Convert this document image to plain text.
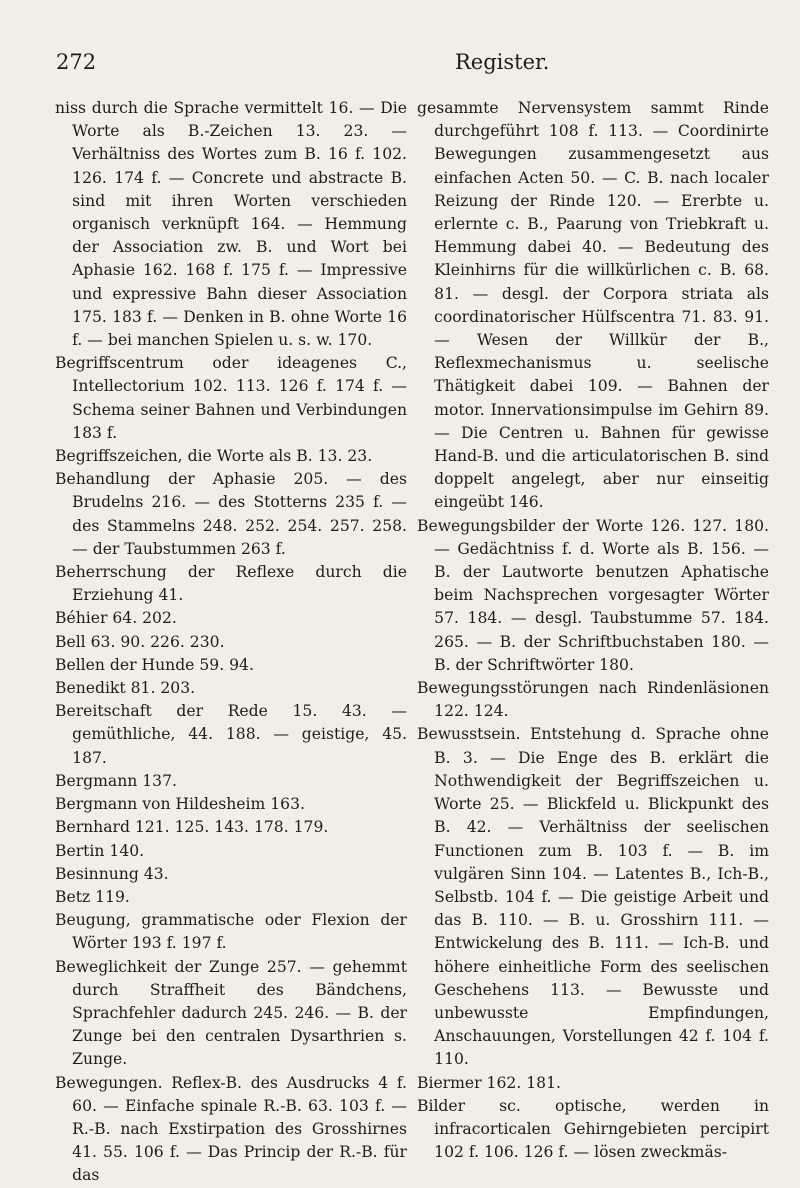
272	Register.

niss durch die Sprache vermittelt 16. — Die Worte als B.-Zeichen 13. 23. — Verhältniss des Wortes zum B. 16 f. 102. 126. 174 f. — Concrete und abstracte B. sind mit ihren Worten verschieden organisch verknüpft 164. — Hemmung der Association zw. B. und Wort bei Aphasie 162. 168 f. 175 f. — Impressive und expressive Bahn dieser Association 175. 183 f. — Denken in B. ohne Worte 16 f. — bei manchen Spielen u. s. w. 170.

Begriffscentrum oder ideagenes C., Intellectorium 102. 113. 126 f. 174 f. — Schema seiner Bahnen und Verbindungen 183 f.

Begriffszeichen, die Worte als B. 13. 23.

Behandlung der Aphasie 205. — des Brudelns 216. — des Stotterns 235 f. — des Stammelns 248. 252. 254. 257. 258. — der Taubstummen 263 f.

Beherrschung der Reflexe durch die Erziehung 41.

Béhier 64. 202.

Bell 63. 90. 226. 230.

Bellen der Hunde 59. 94.

Benedikt 81. 203.

Bereitschaft der Rede 15. 43. — gemüthliche, 44. 188. — geistige, 45. 187.

Bergmann 137.

Bergmann von Hildesheim 163.

Bernhard 121. 125. 143. 178. 179.

Bertin 140.

Besinnung 43.

Betz 119.

Beugung, grammatische oder Flexion der Wörter 193 f. 197 f.

Beweglichkeit der Zunge 257. — gehemmt durch Straffheit des Bändchens, Sprachfehler dadurch 245. 246. — B. der Zunge bei den centralen Dysarthrien s. Zunge.

Bewegungen. Reflex-B. des Ausdrucks 4 f. 60. — Einfache spinale R.-B. 63. 103 f. — R.-B. nach Exstirpation des Grosshirnes 41. 55. 106 f. — Das Princip der R.-B. für das

gesammte Nervensystem sammt Rinde durchgeführt 108 f. 113. — Coordinirte Bewegungen zusammengesetzt aus einfachen Acten 50. — C. B. nach localer Reizung der Rinde 120. — Ererbte u. erlernte c. B., Paarung von Triebkraft u. Hemmung dabei 40. — Bedeutung des Kleinhirns für die willkürlichen c. B. 68. 81. — desgl. der Corpora striata als coordinatorischer Hülfscentra 71. 83. 91. — Wesen der Willkür der B., Reflexmechanismus u. seelische Thätigkeit dabei 109. — Bahnen der motor. Innervationsimpulse im Gehirn 89. — Die Centren u. Bahnen für gewisse Hand-B. und die articulatorischen B. sind doppelt angelegt, aber nur einseitig eingeübt 146.

Bewegungsbilder der Worte 126. 127. 180. — Gedächtniss f. d. Worte als B. 156. — B. der Lautworte benutzen Aphatische beim Nachsprechen vorgesagter Wörter 57. 184. — desgl. Taubstumme 57. 184. 265. — B. der Schriftbuchstaben 180. — B. der Schriftwörter 180.

Bewegungsstörungen nach Rindenläsionen 122. 124.

Bewusstsein. Entstehung d. Sprache ohne B. 3. — Die Enge des B. erklärt die Nothwendigkeit der Begriffszeichen u. Worte 25. — Blickfeld u. Blickpunkt des B. 42. — Verhältniss der seelischen Functionen zum B. 103 f. — B. im vulgären Sinn 104. — Latentes B., Ich-B., Selbstb. 104 f. — Die geistige Arbeit und das B. 110. — B. u. Grosshirn 111. — Entwickelung des B. 111. — Ich-B. und höhere einheitliche Form des seelischen Geschehens 113. — Bewusste und unbewusste Empfindungen, Anschauungen, Vorstellungen 42 f. 104 f. 110.

Biermer 162. 181.

Bilder sc. optische, werden in infracorticalen Gehirngebieten percipirt 102 f. 106. 126 f. — lösen zweckmäs-
